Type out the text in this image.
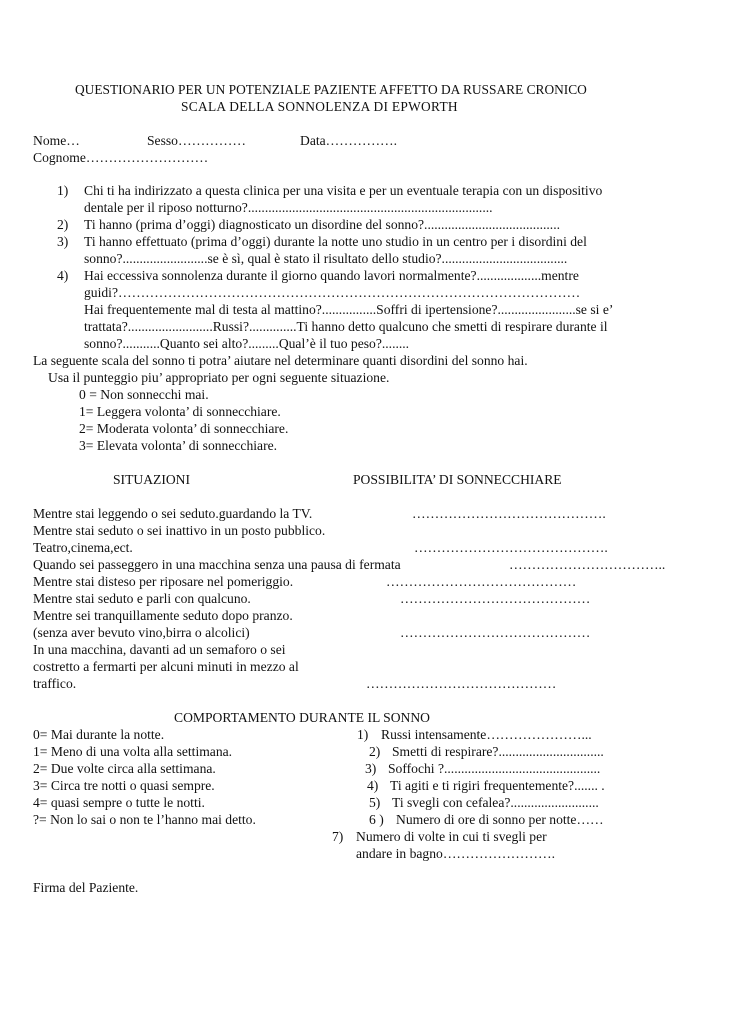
QUESTIONARIO PER UN POTENZIALE PAZIENTE AFFETTO DA RUSSARE CRONICO
SCALA DELLA SONNOLENZA DI EPWORTH
Nome…	Sesso……………	Data…………….
Cognome………………………
1) Chi ti ha indirizzato a questa clinica per una visita e per un eventuale terapia con un dispositivo
dentale per il riposo notturno?........................................................................
2) Ti hanno (prima d’oggi) diagnosticato un disordine del sonno?........................................
3) Ti hanno effettuato (prima d’oggi) durante la notte uno studio in un centro per i disordini del
sonno?.........................se è sì, qual è stato il risultato dello studio?.....................................
4) Hai eccessiva sonnolenza durante il giorno quando lavori normalmente?...................mentre
guidi?…………………………………………………………………………………………
Hai frequentemente mal di testa al mattino?................Soffri di ipertensione?.......................se si e’
trattata?.........................Russi?..............Ti hanno detto qualcuno che smetti di respirare durante il
sonno?...........Quanto sei alto?.........Qual’è il tuo peso?........
La seguente scala del sonno ti potra’ aiutare nel determinare quanti disordini del sonno hai.
Usa il punteggio piu’ appropriato per ogni seguente situazione.
0 = Non sonnecchi mai.
1= Leggera volonta’ di sonnecchiare.
2= Moderata volonta’ di sonnecchiare.
3= Elevata volonta’ di sonnecchiare.
SITUAZIONI	POSSIBILITA’ DI SONNECCHIARE
Mentre stai leggendo o sei seduto.guardando la TV.	…………………………………….
Mentre stai seduto o sei inattivo in un posto pubblico.
Teatro,cinema,ect.	…………………………………….
Quando sei passeggero in una macchina senza una pausa di fermata	……………………………..
Mentre stai disteso per riposare nel pomeriggio.	……………………………………
Mentre stai seduto e parli con qualcuno.	……………………………………
Mentre sei tranquillamente seduto dopo pranzo.
(senza aver bevuto vino,birra o alcolici)	……………………………………
In una macchina, davanti ad un semaforo o sei
costretto a fermarti per alcuni minuti in mezzo al
traffico.	……………………………………
COMPORTAMENTO DURANTE IL SONNO
0= Mai durante la notte.
1= Meno di una volta alla settimana.
2= Due volte circa alla settimana.
3= Circa tre notti o quasi sempre.
4= quasi sempre o tutte le notti.
?= Non lo sai o non te l’hanno mai detto.
1) Russi intensamente…………………...
2) Smetti di respirare?...............................
3) Soffochi ?..............................................
4) Ti agiti e ti rigiri frequentemente?....... .
5) Ti svegli con cefalea?..........................
6 ) Numero di ore di sonno per notte……
7) Numero di volte in cui ti svegli per
andare in bagno…………………….
Firma del Paziente.
